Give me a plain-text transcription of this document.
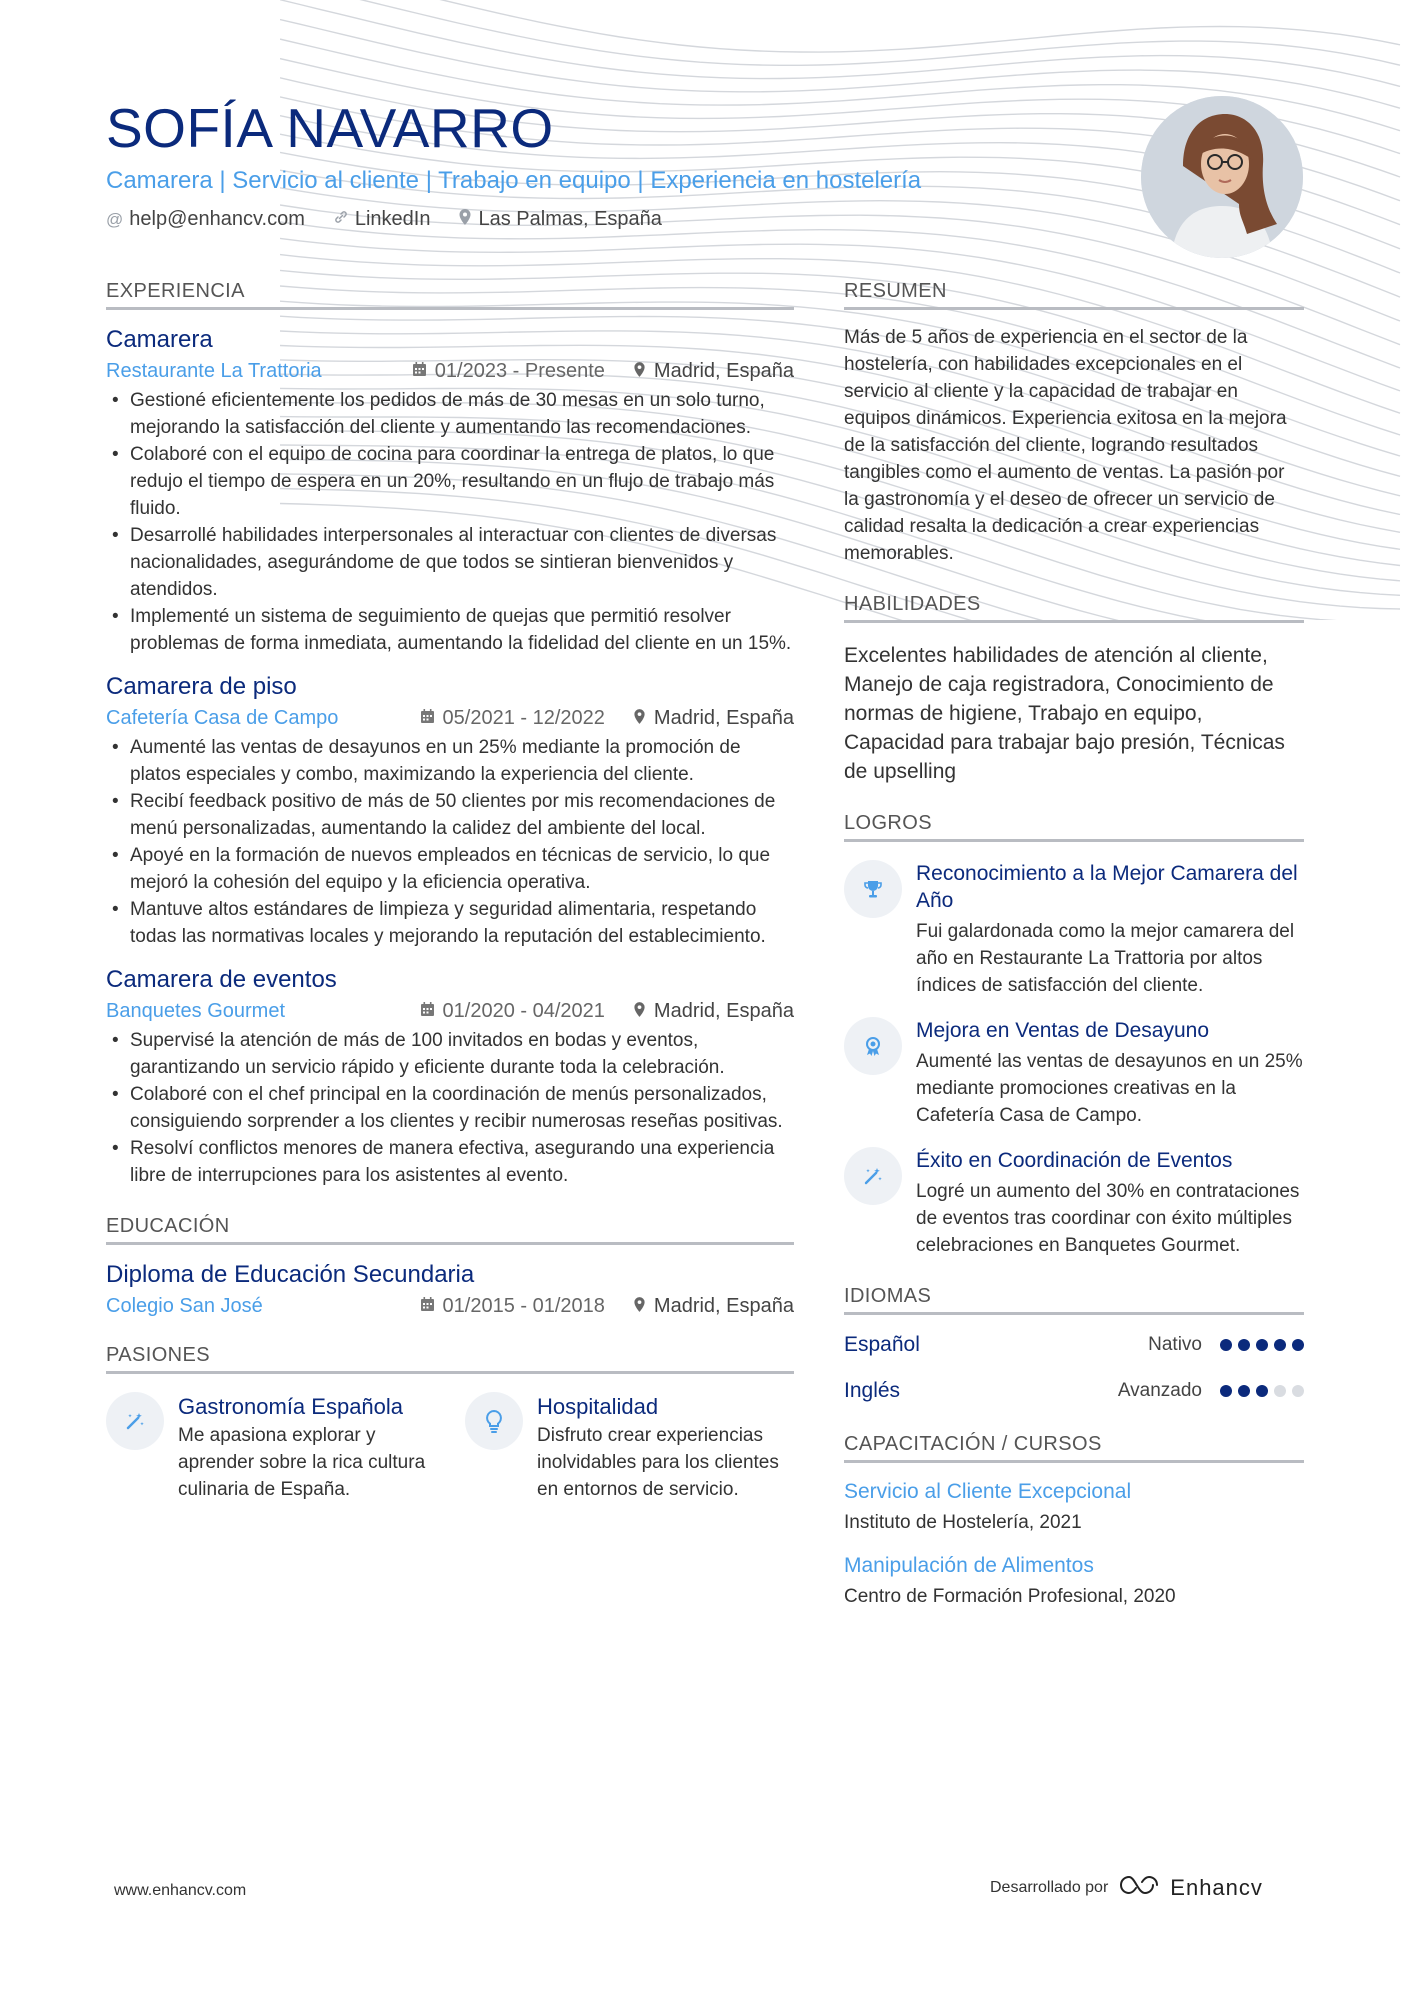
SOFÍA NAVARRO
Camarera | Servicio al cliente | Trabajo en equipo | Experiencia en hostelería
@ help@enhancv.com	LinkedIn Las Palmas, España
EXPERIENCIA
Camarera
Restaurante La Trattoria	01/2023 - Presente Madrid, España
• Gestioné eficientemente los pedidos de más de 30 mesas en un solo turno, mejorando la satisfacción del cliente y aumentando las recomendaciones.
• Colaboré con el equipo de cocina para coordinar la entrega de platos, lo que redujo el tiempo de espera en un 20%, resultando en un flujo de trabajo más fluido.
• Desarrollé habilidades interpersonales al interactuar con clientes de diversas nacionalidades, asegurándome de que todos se sintieran bienvenidos y atendidos.
• Implementé un sistema de seguimiento de quejas que permitió resolver problemas de forma inmediata, aumentando la fidelidad del cliente en un 15%.
Camarera de piso
Cafetería Casa de Campo	05/2021 - 12/2022 Madrid, España
• Aumenté las ventas de desayunos en un 25% mediante la promoción de platos especiales y combo, maximizando la experiencia del cliente.
• Recibí feedback positivo de más de 50 clientes por mis recomendaciones de menú personalizadas, aumentando la calidez del ambiente del local.
• Apoyé en la formación de nuevos empleados en técnicas de servicio, lo que mejoró la cohesión del equipo y la eficiencia operativa.
• Mantuve altos estándares de limpieza y seguridad alimentaria, respetando todas las normativas locales y mejorando la reputación del establecimiento.
Camarera de eventos
Banquetes Gourmet	01/2020 - 04/2021 Madrid, España
• Supervisé la atención de más de 100 invitados en bodas y eventos, garantizando un servicio rápido y eficiente durante toda la celebración.
• Colaboré con el chef principal en la coordinación de menús personalizados, consiguiendo sorprender a los clientes y recibir numerosas reseñas positivas.
• Resolví conflictos menores de manera efectiva, asegurando una experiencia libre de interrupciones para los asistentes al evento.
EDUCACIÓN
Diploma de Educación Secundaria
Colegio San José	01/2015 - 01/2018 Madrid, España
PASIONES
Gastronomía Española
Me apasiona explorar y aprender sobre la rica cultura culinaria de España.
Hospitalidad
Disfruto crear experiencias inolvidables para los clientes en entornos de servicio.
RESUMEN
Más de 5 años de experiencia en el sector de la hostelería, con habilidades excepcionales en el servicio al cliente y la capacidad de trabajar en equipos dinámicos. Experiencia exitosa en la mejora de la satisfacción del cliente, logrando resultados tangibles como el aumento de ventas. La pasión por la gastronomía y el deseo de ofrecer un servicio de calidad resalta la dedicación a crear experiencias memorables.
HABILIDADES
Excelentes habilidades de atención al cliente, Manejo de caja registradora, Conocimiento de normas de higiene, Trabajo en equipo, Capacidad para trabajar bajo presión, Técnicas de upselling
LOGROS
Reconocimiento a la Mejor Camarera del Año
Fui galardonada como la mejor camarera del año en Restaurante La Trattoria por altos índices de satisfacción del cliente.
Mejora en Ventas de Desayuno
Aumenté las ventas de desayunos en un 25% mediante promociones creativas en la Cafetería Casa de Campo.
Éxito en Coordinación de Eventos
Logré un aumento del 30% en contrataciones de eventos tras coordinar con éxito múltiples celebraciones en Banquetes Gourmet.
IDIOMAS
Español	Nativo
Inglés	Avanzado
CAPACITACIÓN / CURSOS
Servicio al Cliente Excepcional
Instituto de Hostelería, 2021
Manipulación de Alimentos
Centro de Formación Profesional, 2020
www.enhancv.com	Desarrollado por	Enhancv
